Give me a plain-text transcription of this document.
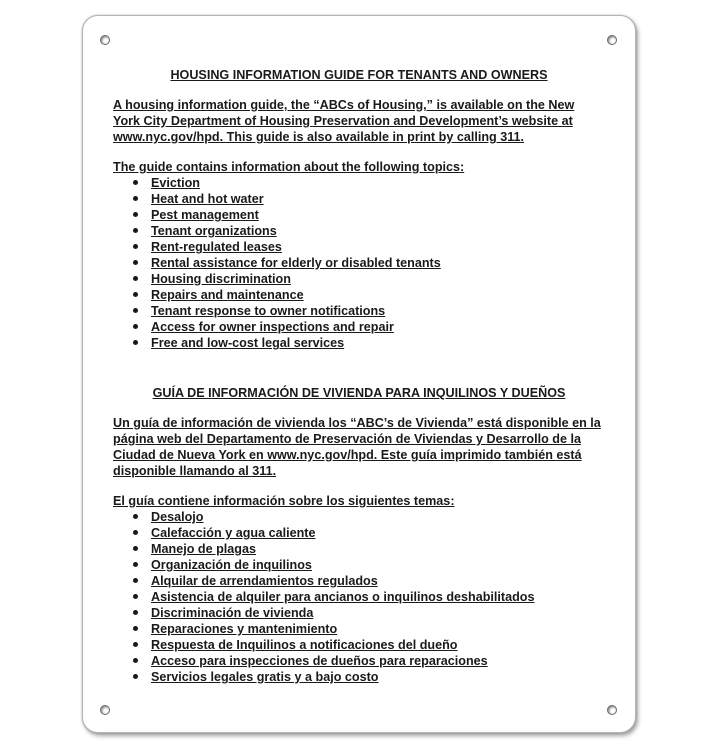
HOUSING INFORMATION GUIDE FOR TENANTS AND OWNERS

A housing information guide, the “ABCs of Housing,” is available on the New
York City Department of Housing Preservation and Development’s website at
www.nyc.gov/hpd. This guide is also available in print by calling 311.

The guide contains information about the following topics:

Eviction
Heat and hot water
Pest management
Tenant organizations
Rent-regulated leases
Rental assistance for elderly or disabled tenants
Housing discrimination
Repairs and maintenance
Tenant response to owner notifications
Access for owner inspections and repair
Free and low-cost legal services

GUÍA DE INFORMACIÓN DE VIVIENDA PARA INQUILINOS Y DUEÑOS

Un guía de información de vivienda los “ABC’s de Vivienda” está disponible en la
página web del Departamento de Preservación de Viviendas y Desarrollo de la
Ciudad de Nueva York en www.nyc.gov/hpd. Este guía imprimido también está
disponible llamando al 311.

El guía contiene información sobre los siguientes temas:

Desalojo
Calefacción y agua caliente
Manejo de plagas
Organización de inquilinos
Alquilar de arrendamientos regulados
Asistencia de alquiler para ancianos o inquilinos deshabilitados
Discriminación de vivienda
Reparaciones y mantenimiento
Respuesta de Inquilinos a notificaciones del dueño
Acceso para inspecciones de dueños para reparaciones
Servicios legales gratis y a bajo costo
